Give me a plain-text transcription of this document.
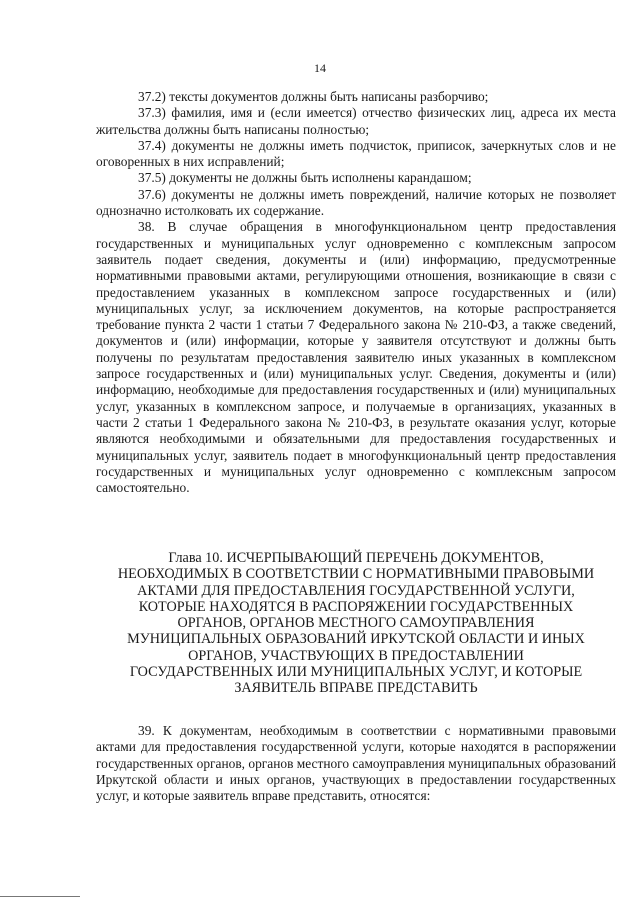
14

37.2) тексты документов должны быть написаны разборчиво;

37.3) фамилия, имя и (если имеется) отчество физических лиц, адреса их места жительства должны быть написаны полностью;

37.4) документы не должны иметь подчисток, приписок, зачеркнутых слов и не оговоренных в них исправлений;

37.5) документы не должны быть исполнены карандашом;

37.6) документы не должны иметь повреждений, наличие которых не позволяет однозначно истолковать их содержание.

38. В случае обращения в многофункциональном центр предоставления государственных и муниципальных услуг одновременно с комплексным запросом заявитель подает сведения, документы и (или) информацию, предусмотренные нормативными правовыми актами, регулирующими отношения, возникающие в связи с предоставлением указанных в комплексном запросе государственных и (или) муниципальных услуг, за исключением документов, на которые распространяется требование пункта 2 части 1 статьи 7 Федерального закона № 210-ФЗ, а также сведений, документов и (или) информации, которые у заявителя отсутствуют и должны быть получены по результатам предоставления заявителю иных указанных в комплексном запросе государственных и (или) муниципальных услуг. Сведения, документы и (или) информацию, необходимые для предоставления государственных и (или) муниципальных услуг, указанных в комплексном запросе, и получаемые в организациях, указанных в части 2 статьи 1 Федерального закона № 210-ФЗ, в результате оказания услуг, которые являются необходимыми и обязательными для предоставления государственных и муниципальных услуг, заявитель подает в многофункциональный центр предоставления государственных и муниципальных услуг одновременно с комплексным запросом самостоятельно.

Глава 10. ИСЧЕРПЫВАЮЩИЙ ПЕРЕЧЕНЬ ДОКУМЕНТОВ,
НЕОБХОДИМЫХ В СООТВЕТСТВИИ С НОРМАТИВНЫМИ ПРАВОВЫМИ
АКТАМИ ДЛЯ ПРЕДОСТАВЛЕНИЯ ГОСУДАРСТВЕННОЙ УСЛУГИ,
КОТОРЫЕ НАХОДЯТСЯ В РАСПОРЯЖЕНИИ ГОСУДАРСТВЕННЫХ
ОРГАНОВ, ОРГАНОВ МЕСТНОГО САМОУПРАВЛЕНИЯ
МУНИЦИПАЛЬНЫХ ОБРАЗОВАНИЙ ИРКУТСКОЙ ОБЛАСТИ И ИНЫХ
ОРГАНОВ, УЧАСТВУЮЩИХ В ПРЕДОСТАВЛЕНИИ
ГОСУДАРСТВЕННЫХ ИЛИ МУНИЦИПАЛЬНЫХ УСЛУГ, И КОТОРЫЕ
ЗАЯВИТЕЛЬ ВПРАВЕ ПРЕДСТАВИТЬ

39. К документам, необходимым в соответствии с нормативными правовыми актами для предоставления государственной услуги, которые находятся в распоряжении государственных органов, органов местного самоуправления муниципальных образований Иркутской области и иных органов, участвующих в предоставлении государственных услуг, и которые заявитель вправе представить, относятся:
